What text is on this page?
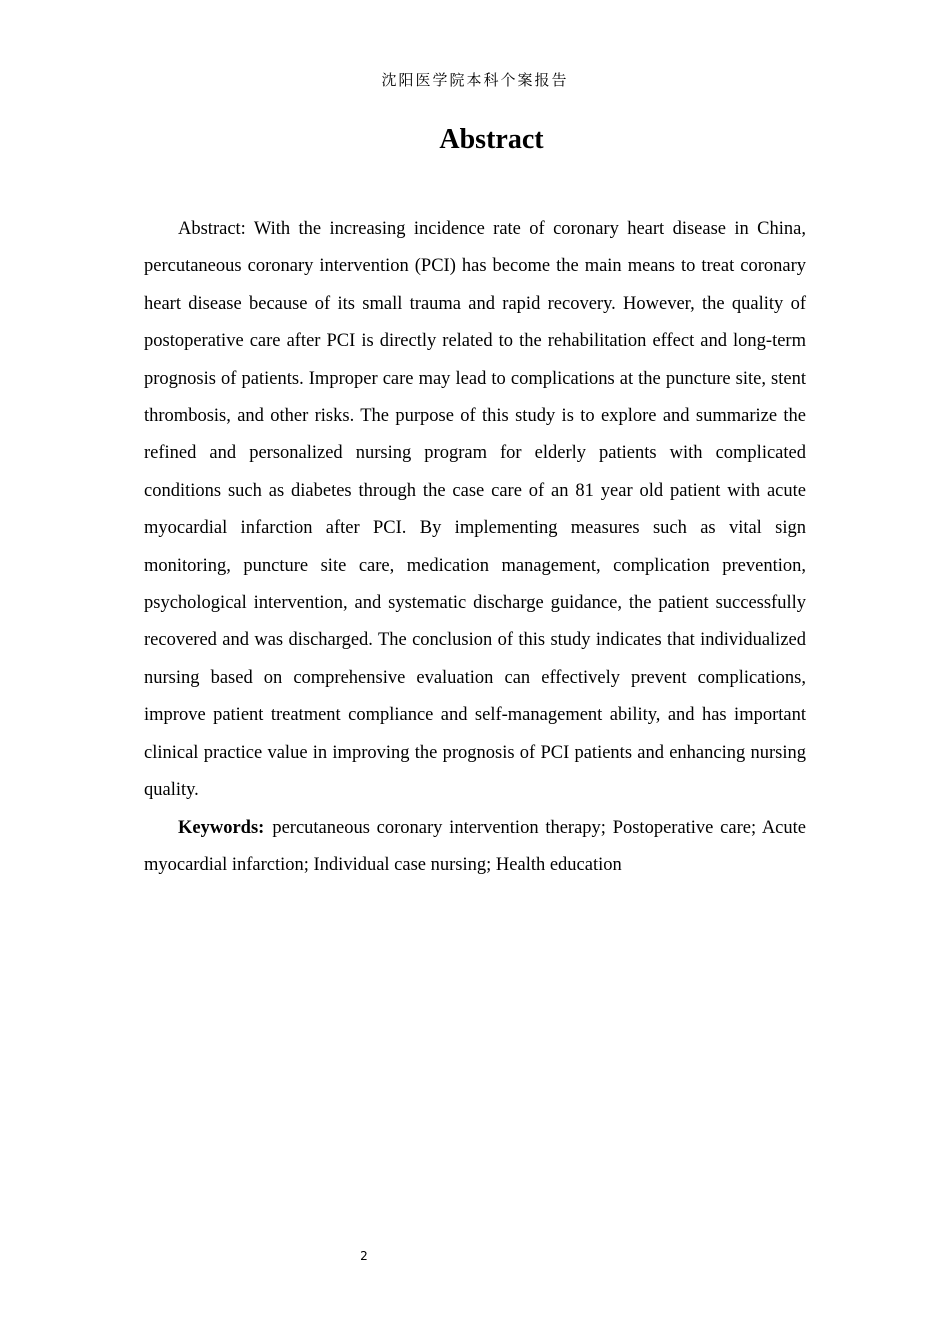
沈阳医学院本科个案报告
Abstract

Abstract: With the increasing incidence rate of coronary heart disease in China, percutaneous coronary intervention (PCI) has become the main means to treat coronary heart disease because of its small trauma and rapid recovery. However, the quality of postoperative care after PCI is directly related to the rehabilitation effect and long-term prognosis of patients. Improper care may lead to complications at the puncture site, stent thrombosis, and other risks. The purpose of this study is to explore and summarize the refined and personalized nursing program for elderly patients with complicated conditions such as diabetes through the case care of an 81 year old patient with acute myocardial infarction after PCI. By implementing measures such as vital sign monitoring, puncture site care, medication management, complication prevention, psychological intervention, and systematic discharge guidance, the patient successfully recovered and was discharged. The conclusion of this study indicates that individualized nursing based on comprehensive evaluation can effectively prevent complications, improve patient treatment compliance and self-management ability, and has important clinical practice value in improving the prognosis of PCI patients and enhancing nursing quality.

Keywords: percutaneous coronary intervention therapy; Postoperative care; Acute myocardial infarction; Individual case nursing; Health education

2
